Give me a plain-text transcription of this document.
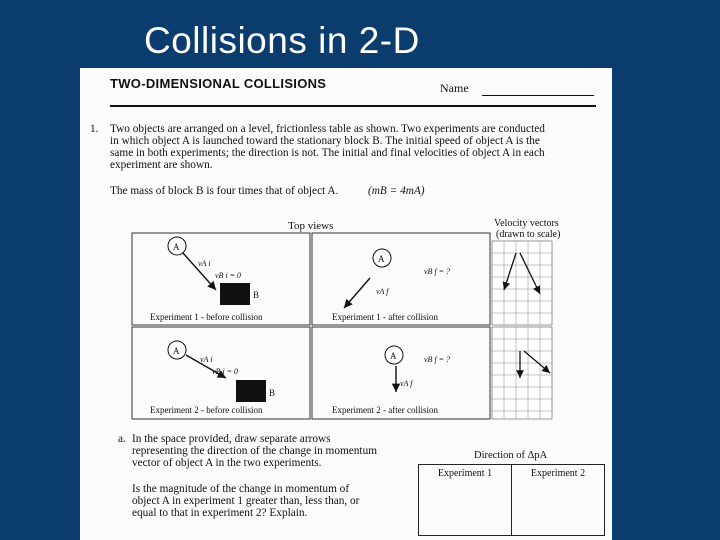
Collisions in 2-D
TWO-DIMENSIONAL COLLISIONS	Name
1. Two objects are arranged on a level, frictionless table as shown. Two experiments are conducted
in which object A is launched toward the stationary block B. The initial speed of object A is the
same in both experiments; the direction is not. The initial and final velocities of object A in each
experiment are shown.
The mass of block B is four times that of object A.	(mB = 4mA)
Top views	Velocity vectors
(drawn to scale)
A
vA i
vB i = 0
B
Experiment 1 - before collision
A
vA f
vB f = ?
Experiment 1 - after collision
A
vA i
vB i = 0
B
Experiment 2 - before collision
A
vA f
vB f = ?
Experiment 2 - after collision
a. In the space provided, draw separate arrows
representing the direction of the change in momentum
vector of object A in the two experiments.
Is the magnitude of the change in momentum of
object A in experiment 1 greater than, less than, or
equal to that in experiment 2? Explain.
Direction of ΔpA
Experiment 1	Experiment 2
